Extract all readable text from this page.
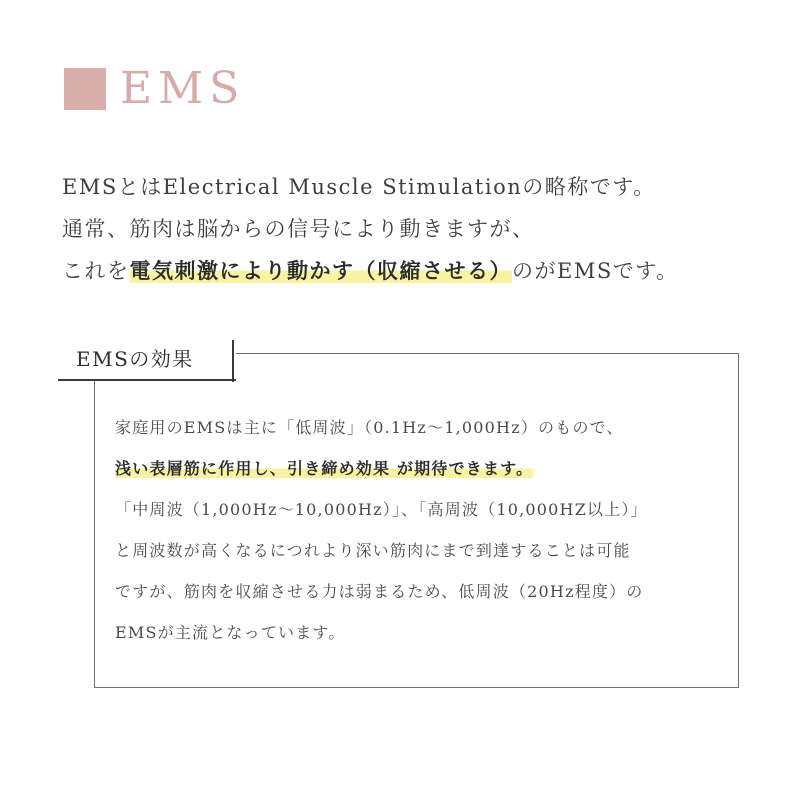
EMS
EMSとはElectrical Muscle Stimulationの略称です。
通常、筋肉は脳からの信号により動きますが、
これを電気刺激により動かす（収縮させる）のがEMSです。
EMSの効果
家庭用のEMSは主に「低周波」（0.1Hz～1,000Hz）のもので、
浅い表層筋に作用し、引き締め効果 が期待できます。
「中周波（1,000Hz～10,000Hz）」、「高周波（10,000HZ以上）」
と周波数が高くなるにつれより深い筋肉にまで到達することは可能
ですが、筋肉を収縮させる力は弱まるため、低周波（20Hz程度）の
EMSが主流となっています。
